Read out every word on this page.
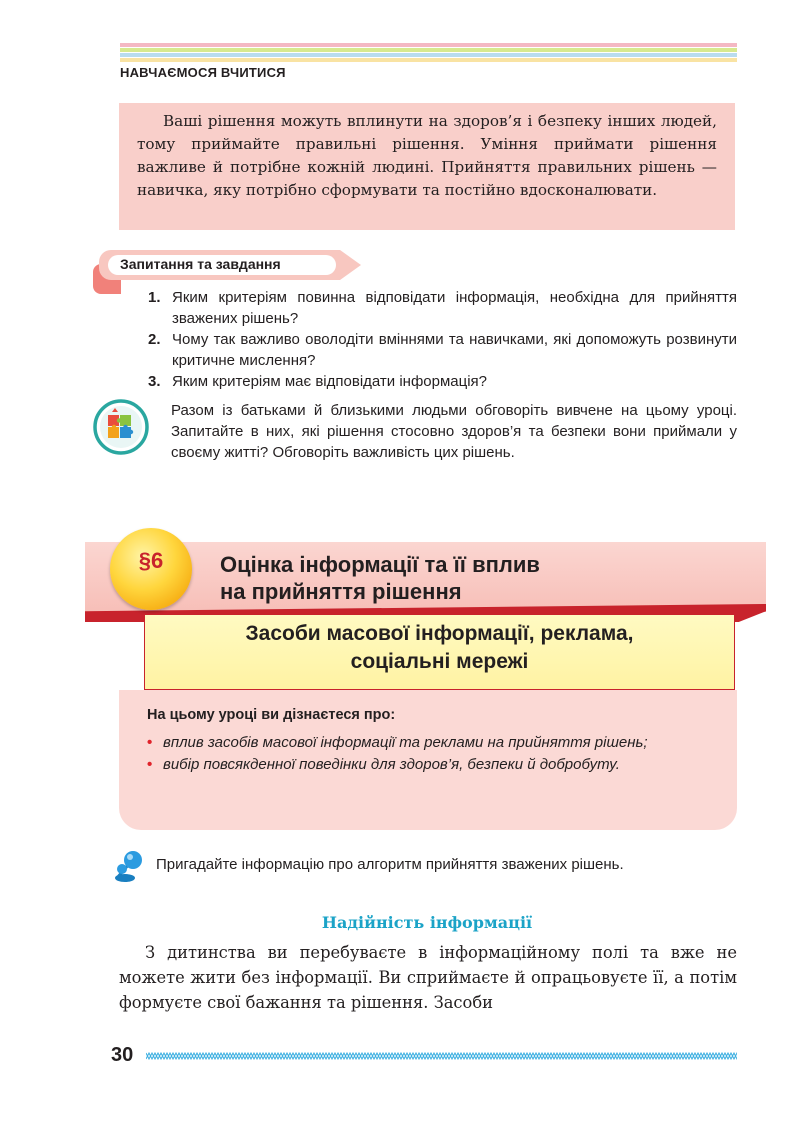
НАВЧАЄМОСЯ ВЧИТИСЯ
Ваші рішення можуть вплинути на здоров’я і безпеку інших людей, тому приймайте правильні рішення. Уміння приймати рішення важливе й потрібне кожній людині. Прийняття правильних рішень — навичка, яку потрібно сформувати та постійно вдосконалювати.
Запитання та завдання
1. Яким критеріям повинна відповідати інформація, необхідна для прийняття зважених рішень?
2. Чому так важливо оволодіти вміннями та навичками, які допоможуть розвинути критичне мислення?
3. Яким критеріям має відповідати інформація?
Разом із батьками й близькими людьми обговоріть вивчене на цьому уроці. Запитайте в них, які рішення стосовно здоров’я та безпеки вони приймали у своєму житті? Обговоріть важливість цих рішень.
§6	Оцінка інформації та її вплив
на прийняття рішення
Засоби масової інформації, реклама,
соціальні мережі
На цьому уроці ви дізнаєтеся про:
• вплив засобів масової інформації та реклами на прийняття рішень;
• вибір повсякденної поведінки для здоров’я, безпеки й добробуту.
Пригадайте інформацію про алгоритм прийняття зважених рішень.
Надійність інформації
З дитинства ви перебуваєте в інформаційному полі та вже не можете жити без інформації. Ви сприймаєте й опрацьовуєте її, а потім формуєте свої бажання та рішення. Засоби
30
